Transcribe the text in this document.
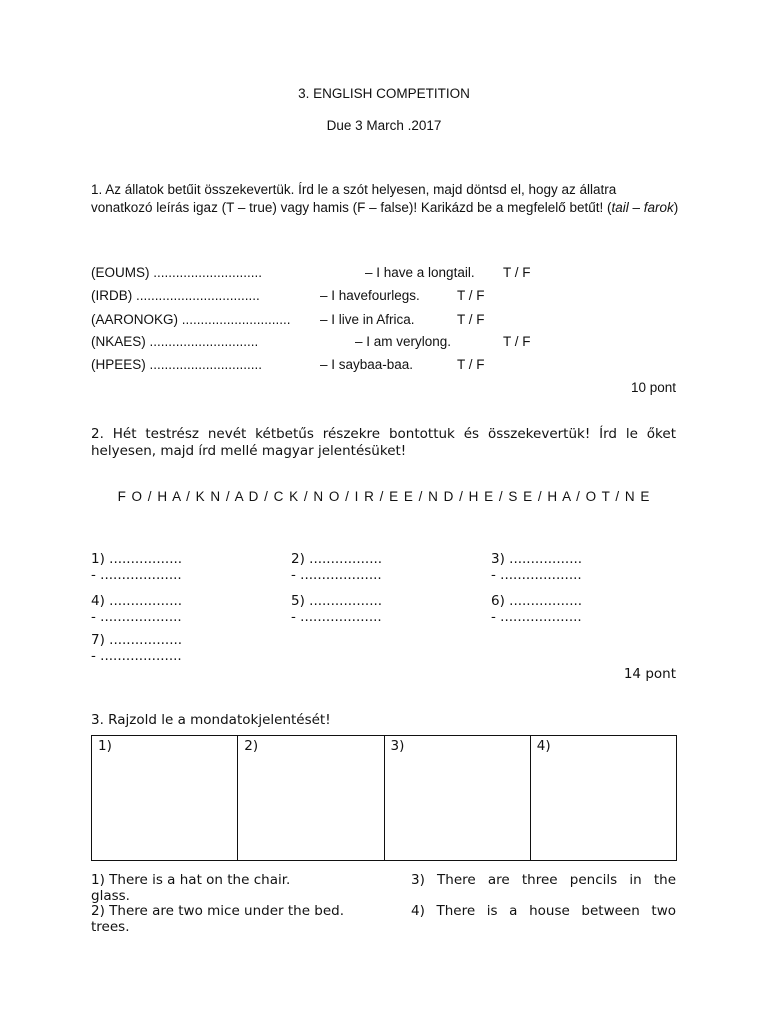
3. ENGLISH COMPETITION
Due 3 March .2017
1. Az állatok betűit összekevertük. Írd le a szót helyesen, majd döntsd el, hogy az állatra vonatkozó leírás igaz (T – true) vagy hamis (F – false)! Karikázd be a megfelelő betűt! (tail – farok)
(EOUMS) .............................	– I have a longtail. T / F
(IRDB) .................................	– I havefourlegs.	T / F
(AARONOKG) ............................. – I live in Africa.	T / F
(NKAES) .............................	– I am verylong.	T / F
(HPEES) ..............................	– I saybaa-baa.	T / F
10 pont
2. Hét testrész nevét kétbetűs részekre bontottuk és összekevertük! Írd le őket helyesen, majd írd mellé magyar jelentésüket!
F O / H A / K N / A D / C K / N O / I R / E E / N D / H E / S E / H A / O T / N E
1) .................
- ...................
2) .................
- ...................
3) .................
- ...................
4) .................
- ...................
5) .................
- ...................
6) .................
- ...................
7) .................
- ...................
14 pont
3. Rajzold le a mondatokjelentését!
1)	2)	3)	4)
1) There is a hat on the chair.	3) There are three pencils in the
glass.
2) There are two mice under the bed.	4) There is a house between two
trees.
